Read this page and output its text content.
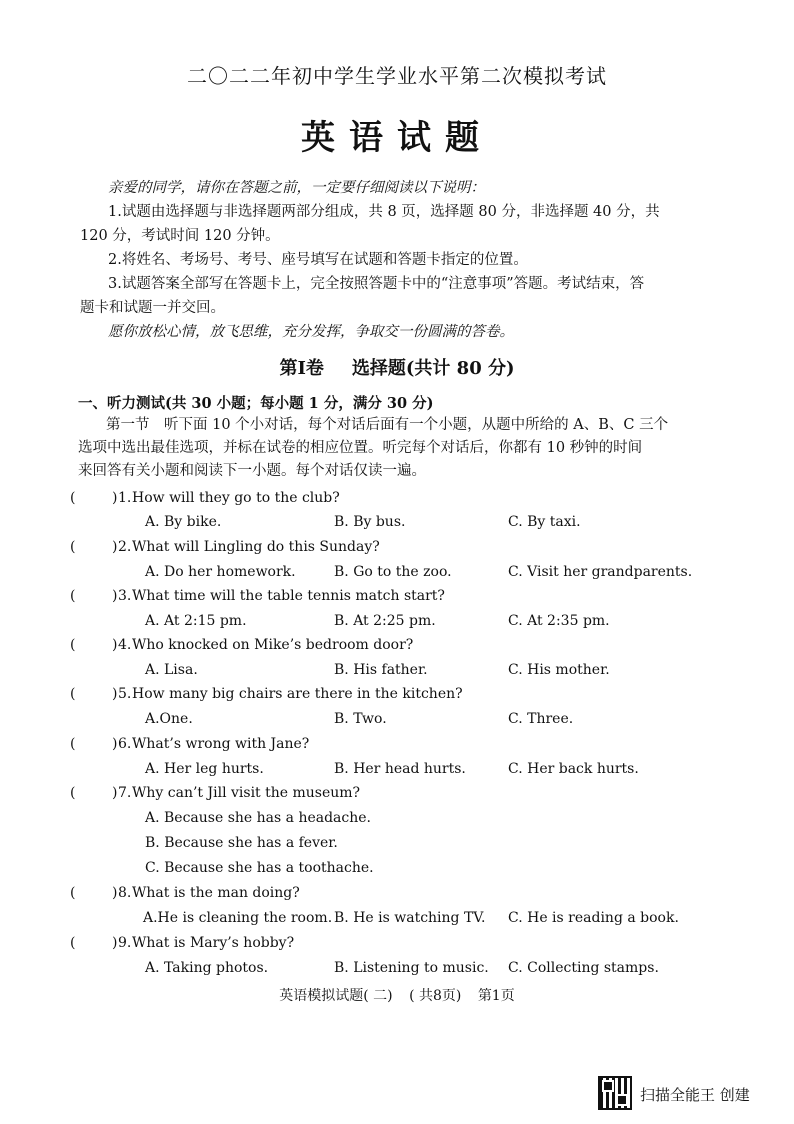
二〇二二年初中学生学业水平第二次模拟考试
英语试题

亲爱的同学，请你在答题之前，一定要仔细阅读以下说明：

1.试题由选择题与非选择题两部分组成，共 8 页，选择题 80 分，非选择题 40 分，共

120 分，考试时间 120 分钟。

2.将姓名、考场号、考号、座号填写在试题和答题卡指定的位置。

3.试题答案全部写在答题卡上，完全按照答题卡中的“注意事项”答题。考试结束，答

题卡和试题一并交回。

愿你放松心情，放飞思维，充分发挥，争取交一份圆满的答卷。

第Ⅰ卷 选择题(共计 80 分)
一、听力测试(共 30 小题；每小题 1 分，满分 30 分)
第一节　听下面 10 个小对话，每个对话后面有一个小题，从题中所给的 A、B、C 三个
选项中选出最佳选项，并标在试卷的相应位置。听完每个对话后，你都有 10 秒钟的时间
来回答有关小题和阅读下一小题。每个对话仅读一遍。
(	) 1. How will they go to the club?
A. By bike.	B. By bus.	C. By taxi.
(	) 2. What will Lingling do this Sunday?
A. Do her homework.	B. Go to the zoo.	C. Visit her grandparents.
(	) 3. What time will the table tennis match start?
A. At 2:15 pm.	B. At 2:25 pm.	C. At 2:35 pm.
(	) 4. Who knocked on Mike’s bedroom door?
A. Lisa.	B. His father.	C. His mother.
(	) 5. How many big chairs are there in the kitchen?
A.One.	B. Two.	C. Three.
(	) 6. What’s wrong with Jane?
A. Her leg hurts.	B. Her head hurts.	C. Her back hurts.
(	) 7. Why can’t Jill visit the museum?
A. Because she has a headache.
B. Because she has a fever.
C. Because she has a toothache.
(	) 8. What is the man doing?
A.He is cleaning the room. B. He is watching TV. C. He is reading a book.
(	) 9. What is Mary’s hobby?
A. Taking photos.	B. Listening to music. C. Collecting stamps.
英语模拟试题( 二) ( 共8页) 第1页
扫描全能王 创建
